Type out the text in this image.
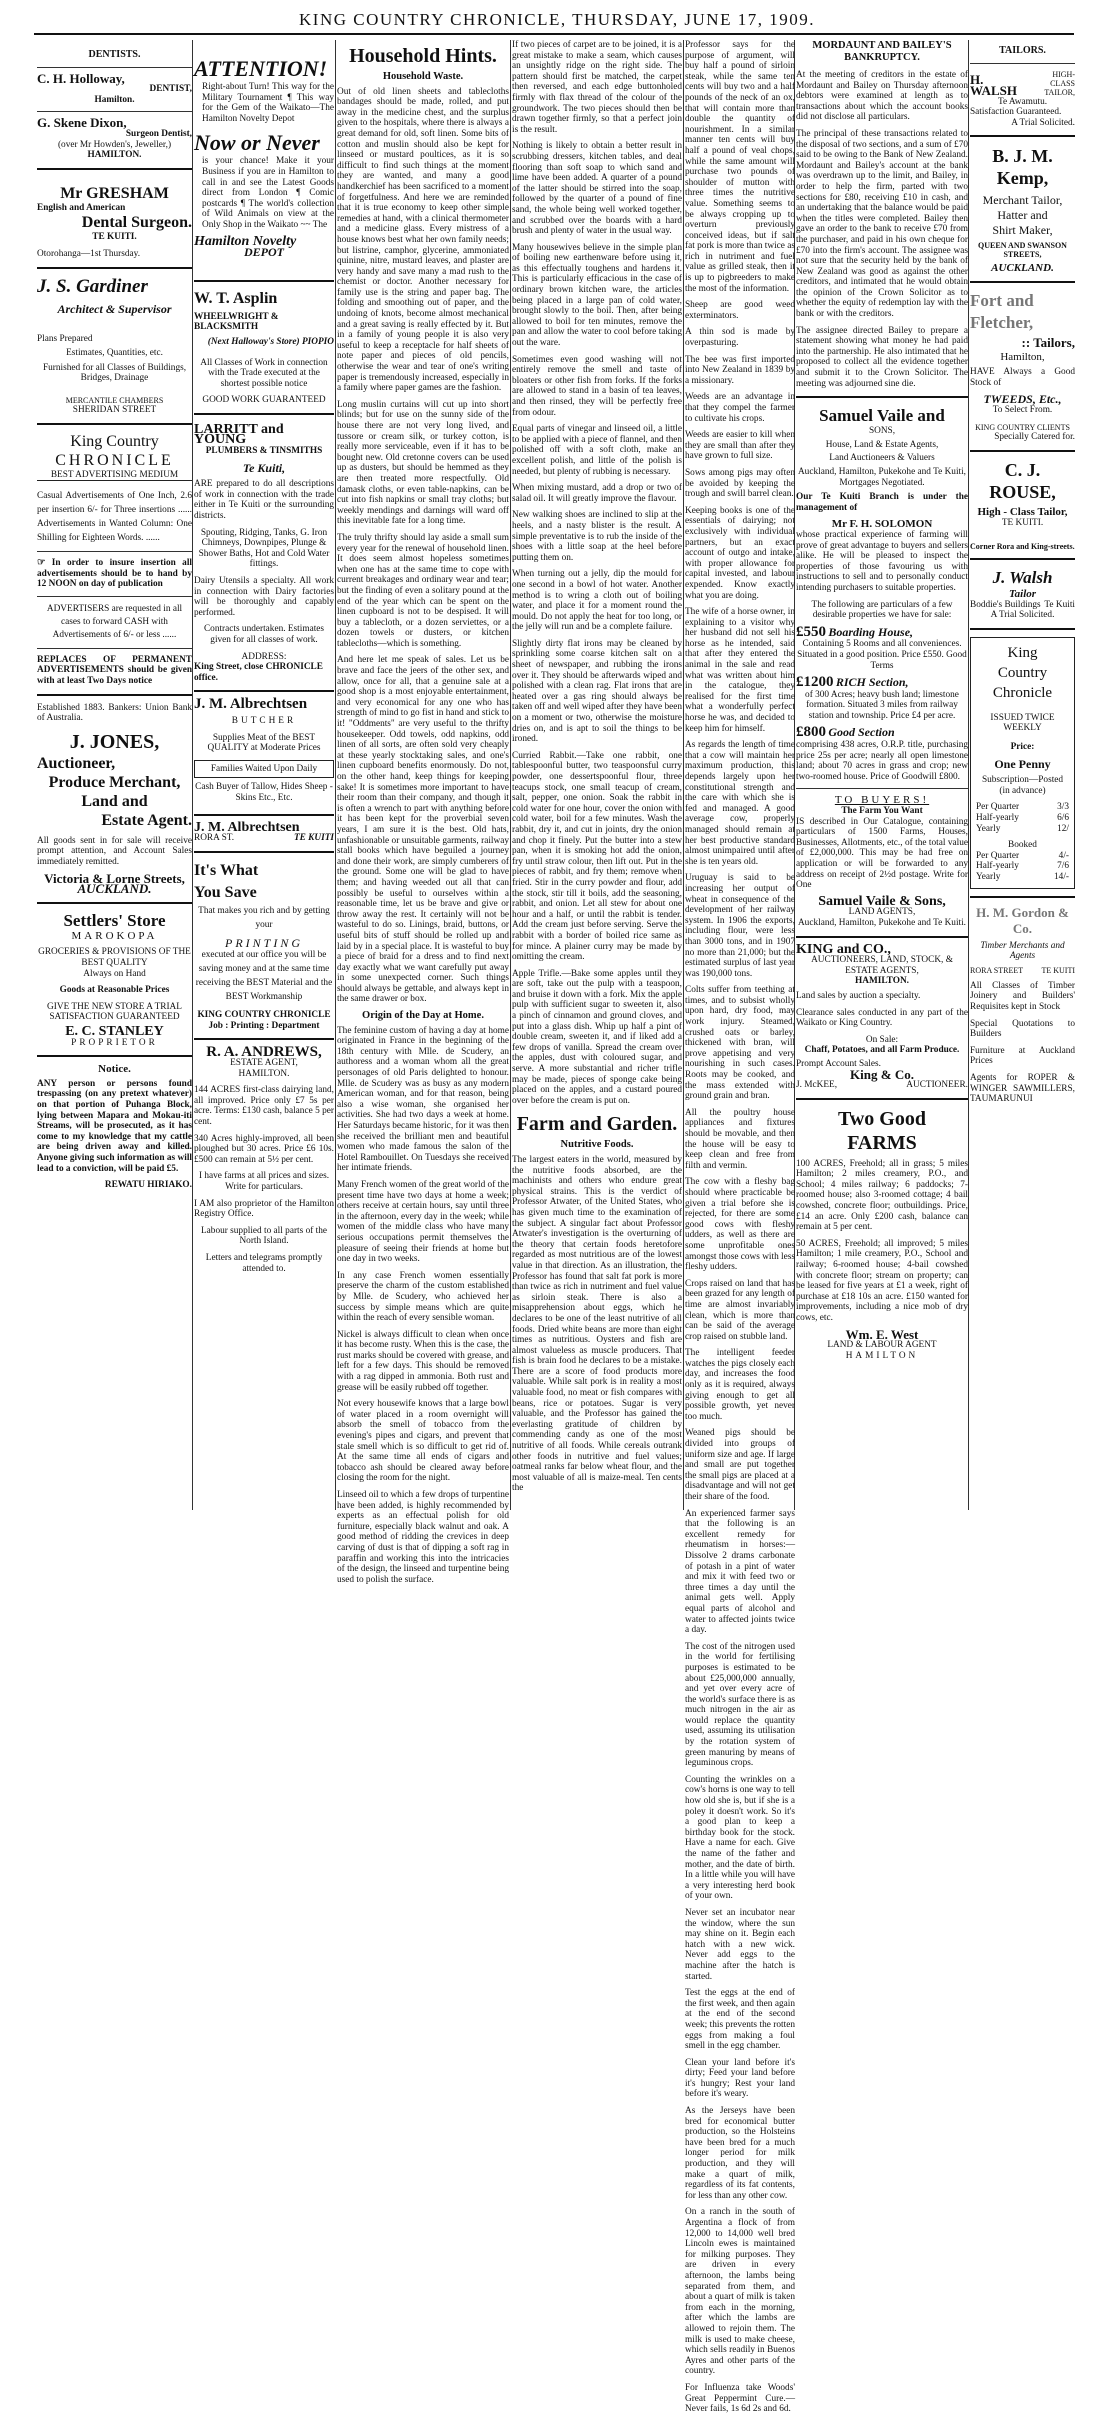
KING COUNTRY CHRONICLE, THURSDAY, JUNE 17, 1909.
DENTISTS.
C. H. Holloway,
DENTIST,
Hamilton.
G. Skene Dixon,
Surgeon Dentist,
(over Mr Howden's, Jeweller,)
HAMILTON.
Mr GRESHAM
English and American
Dental Surgeon.
TE KUITI.
Otorohanga—1st Thursday.
J. S. Gardiner
Architect & Supervisor
Plans Prepared
Estimates, Quantities, etc.
Furnished for all Classes of Buildings, Bridges, Drainage
MERCANTILE CHAMBERS
SHERIDAN STREET
King Country
CHRONICLE
BEST ADVERTISING MEDIUM

Casual Advertisements of One Inch, 2.6 per insertion 6/- for Three insertions ...... Advertisements in Wanted Column: One Shilling for Eighteen Words. ......

☞ In order to insure insertion all advertisements should be to hand by 12 NOON on day of publication

ADVERTISERS are requested in all cases to forward CASH with Advertisements of 6/- or less ......

REPLACES OF PERMANENT ADVERTISEMENTS should be given with at least Two Days notice

Established 1883. Bankers: Union Bank of Australia.

J. JONES,
Auctioneer,
Produce Merchant,
Land and
Estate Agent.

All goods sent in for sale will receive prompt attention, and Account Sales immediately remitted.

Victoria & Lorne Streets,
AUCKLAND.
Settlers' Store
MAROKOPA
GROCERIES & PROVISIONS OF THE BEST QUALITY
Always on Hand
Goods at Reasonable Prices
GIVE THE NEW STORE A TRIAL SATISFACTION GUARANTEED
E. C. STANLEY
PROPRIETOR
Notice.

ANY person or persons found trespassing (on any pretext whatever) on that portion of Puhanga Block, lying between Mapara and Mokau-iti Streams, will be prosecuted, as it has come to my knowledge that my cattle are being driven away and killed. Anyone giving such information as will lead to a conviction, will be paid £5.

REWATU HIRIAKO.
ATTENTION!

Right-about Turn! This way for the Military Tournament ¶ This way for the Gem of the Waikato—The Hamilton Novelty Depot

Now or Never

is your chance! Make it your Business if you are in Hamilton to call in and see the Latest Goods direct from London ¶ Comic postcards ¶ The world's collection of Wild Animals on view at the Only Shop in the Waikato ~~ The

Hamilton Novelty
DEPOT
W. T. Asplin
WHEELWRIGHT & BLACKSMITH
(Next Halloway's Store) PIOPIO

All Classes of Work in connection with the Trade executed at the shortest possible notice

GOOD WORK GUARANTEED
LARRITT and YOUNG
PLUMBERS & TINSMITHS
Te Kuiti,

ARE prepared to do all descriptions of work in connection with the trade either in Te Kuiti or the surrounding districts.

Spouting, Ridging, Tanks, G. Iron Chimneys, Downpipes, Plunge & Shower Baths, Hot and Cold Water fittings.

Dairy Utensils a specialty. All work in connection with Dairy factories will be thoroughly and capably performed.

Contracts undertaken. Estimates given for all classes of work.

ADDRESS:
King Street, close CHRONICLE office.
J. M. Albrechtsen
BUTCHER

Supplies Meat of the BEST QUALITY at Moderate Prices

Families Waited Upon Daily

Cash Buyer of Tallow, Hides Sheep - Skins Etc., Etc.

J. M. Albrechtsen
RORA ST.	TE KUITI
It's What
You Save

That makes you rich and by getting your

PRINTING

executed at our office you will be saving money and at the same time receiving the BEST Material and the BEST Workmanship

KING COUNTRY CHRONICLE
Job : Printing : Department
R. A. ANDREWS,
ESTATE AGENT,
HAMILTON.

144 ACRES first-class dairying land, all improved. Price only £7 5s per acre. Terms: £130 cash, balance 5 per cent.

340 Acres highly-improved, all been ploughed but 30 acres. Price £6 10s. £500 can remain at 5½ per cent.

I have farms at all prices and sizes. Write for particulars.

I AM also proprietor of the Hamilton Registry Office.

Labour supplied to all parts of the North Island.

Letters and telegrams promptly attended to.

Household Hints.
Household Waste.

Out of old linen sheets and tablecloths bandages should be made, rolled, and put away in the medicine chest, and the surplus given to the hospitals, where there is always a great demand for old, soft linen. Some bits of cotton and muslin should also be kept for linseed or mustard poultices, as it is so difficult to find such things at the moment they are wanted, and many a good handkerchief has been sacrificed to a moment of forgetfulness. And here we are reminded that it is true economy to keep other simple remedies at hand, with a clinical thermometer and a medicine glass. Every mistress of a house knows best what her own family needs; but listrine, camphor, glycerine, ammoniated quinine, nitre, mustard leaves, and plaster are very handy and save many a mad rush to the chemist or doctor. Another necessary for family use is the string and paper bag. The folding and smoothing out of paper, and the undoing of knots, become almost mechanical and a great saving is really effected by it. But in a family of young people it is also very useful to keep a receptacle for half sheets of note paper and pieces of old pencils, otherwise the wear and tear of one's writing paper is tremendously increased, especially in a family where paper games are the fashion.

Long muslin curtains will cut up into short blinds; but for use on the sunny side of the house there are not very long lived, and tussore or cream silk, or turkey cotton, is really more serviceable, even if it has to be bought new. Old cretonne covers can be used up as dusters, but should be hemmed as they are then treated more respectfully. Old damask cloths, or even table-napkins, can be cut into fish napkins or small tray cloths; but weekly mendings and darnings will ward off this inevitable fate for a long time.

The truly thrifty should lay aside a small sum every year for the renewal of household linen. It does seem almost hopeless sometimes when one has at the same time to cope with current breakages and ordinary wear and tear; but the finding of even a solitary pound at the end of the year which can be spent on the linen cupboard is not to be despised. It will buy a tablecloth, or a dozen serviettes, or a dozen towels or dusters, or kitchen tablecloths—which is something.

And here let me speak of sales. Let us be brave and face the jeers of the other sex, and allow, once for all, that a genuine sale at a good shop is a most enjoyable entertainment, and very economical for any one who has strength of mind to go fist in hand and stick to it! "Oddments" are very useful to the thrifty housekeeper. Odd towels, odd napkins, odd linen of all sorts, are often sold very cheaply at these yearly stocktaking sales, and one's linen cupboard benefits enormously. Do not, on the other hand, keep things for keeping sake! It is sometimes more important to have their room than their company, and though it is often a wrench to part with anything before it has been kept for the proverbial seven years, I am sure it is the best. Old hats, unfashionable or unsuitable garments, railway stall books which have beguiled a journey and done their work, are simply cumberers of the ground. Some one will be glad to have them; and having weeded out all that can possibly be useful to ourselves within a reasonable time, let us be brave and give or throw away the rest. It certainly will not be wasteful to do so. Linings, braid, buttons, or useful bits of stuff should be rolled up and laid by in a special place. It is wasteful to buy a piece of braid for a dress and to find next day exactly what we want carefully put away in some unexpected corner. Such things should always be gettable, and always kept in the same drawer or box.

Origin of the Day at Home.

The feminine custom of having a day at home originated in France in the beginning of the 18th century with Mlle. de Scudery, an authoress and a woman whom all the great personages of old Paris delighted to honour. Mlle. de Scudery was as busy as any modern American woman, and for that reason, being also a wise woman, she organised her activities. She had two days a week at home. Her Saturdays became historic, for it was then she received the brilliant men and beautiful women who made famous the salon of the Hotel Rambouillet. On Tuesdays she received her intimate friends.

Many French women of the great world of the present time have two days at home a week; others receive at certain hours, say until three in the afternoon, every day in the week; while women of the middle class who have many serious occupations permit themselves the pleasure of seeing their friends at home but one day in two weeks.

In any case French women essentially preserve the charm of the custom established by Mlle. de Scudery, who achieved her success by simple means which are quite within the reach of every sensible woman.

Nickel is always difficult to clean when once it has become rusty. When this is the case, the rust marks should be covered with grease, and left for a few days. This should be removed with a rag dipped in ammonia. Both rust and grease will be easily rubbed off together.

Not every housewife knows that a large bowl of water placed in a room overnight will absorb the smell of tobacco from the evening's pipes and cigars, and prevent that stale smell which is so difficult to get rid of. At the same time all ends of cigars and tobacco ash should be cleared away before closing the room for the night.

Linseed oil to which a few drops of turpentine have been added, is highly recommended by experts as an effectual polish for old furniture, especially black walnut and oak. A good method of ridding the crevices in deep carving of dust is that of dipping a soft rag in paraffin and working this into the intricacies of the design, the linseed and turpentine being used to polish the surface.

If two pieces of carpet are to be joined, it is a great mistake to make a seam, which causes an unsightly ridge on the right side. The pattern should first be matched, the carpet then reversed, and each edge buttonholed firmly with flax thread of the colour of the groundwork. The two pieces should then be drawn together firmly, so that a perfect join is the result.

Nothing is likely to obtain a better result in scrubbing dressers, kitchen tables, and deal flooring than soft soap to which sand and lime have been added. A quarter of a pound of the latter should be stirred into the soap, followed by the quarter of a pound of fine sand, the whole being well worked together, and scrubbed over the boards with a hard brush and plenty of water in the usual way.

Many housewives believe in the simple plan of boiling new earthenware before using it, as this effectually toughens and hardens it. This is particularly efficacious in the case of ordinary brown kitchen ware, the articles being placed in a large pan of cold water, brought slowly to the boil. Then, after being allowed to boil for ten minutes, remove the pan and allow the water to cool before taking out the ware.

Sometimes even good washing will not entirely remove the smell and taste of bloaters or other fish from forks. If the forks are allowed to stand in a basin of tea leaves, and then rinsed, they will be perfectly free from odour.

Equal parts of vinegar and linseed oil, a little to be applied with a piece of flannel, and then polished off with a soft cloth, make an excellent polish, and little of the polish is needed, but plenty of rubbing is necessary.

When mixing mustard, add a drop or two of salad oil. It will greatly improve the flavour.

New walking shoes are inclined to slip at the heels, and a nasty blister is the result. A simple preventative is to rub the inside of the shoes with a little soap at the heel before putting them on.

When turning out a jelly, dip the mould for one second in a bowl of hot water. Another method is to wring a cloth out of boiling water, and place it for a moment round the mould. Do not apply the heat for too long, or the jelly will run and be a complete failure.

Slightly dirty flat irons may be cleaned by sprinkling some coarse kitchen salt on a sheet of newspaper, and rubbing the irons over it. They should be afterwards wiped and polished with a clean rag. Flat irons that are heated over a gas ring should always be taken off and well wiped after they have been on a moment or two, otherwise the moisture dries on, and is apt to soil the things to be ironed.

Curried Rabbit.—Take one rabbit, one tablespoonful butter, two teaspoonsful curry powder, one dessertspoonful flour, three teacups stock, one small teacup of cream, salt, pepper, one onion. Soak the rabbit in cold water for one hour, cover the onion with cold water, boil for a few minutes. Wash the rabbit, dry it, and cut in joints, dry the onion and chop it finely. Put the butter into a stew pan, when it is smoking hot add the onion, fry until straw colour, then lift out. Put in the pieces of rabbit, and fry them; remove when fried. Stir in the curry powder and flour, add the stock, stir till it boils, add the seasoning, rabbit, and onion. Let all stew for about one hour and a half, or until the rabbit is tender. Add the cream just before serving. Serve the rabbit with a border of boiled rice same as for mince. A plainer curry may be made by omitting the cream.

Apple Trifle.—Bake some apples until they are soft, take out the pulp with a teaspoon, and bruise it down with a fork. Mix the apple pulp with sufficient sugar to sweeten it, also a pinch of cinnamon and ground cloves, and put into a glass dish. Whip up half a pint of double cream, sweeten it, and if liked add a few drops of vanilla. Spread the cream over the apples, dust with coloured sugar, and serve. A more substantial and richer trifle may be made, pieces of sponge cake being placed on the apples, and a custard poured over before the cream is put on.

Farm and Garden.
Nutritive Foods.

The largest eaters in the world, measured by the nutritive foods absorbed, are the machinists and others who endure great physical strains. This is the verdict of Professor Atwater, of the United States, who has given much time to the examination of the subject. A singular fact about Professor Atwater's investigation is the overturning of the theory that certain foods heretofore regarded as most nutritious are of the lowest value in that direction. As an illustration, the Professor has found that salt fat pork is more than twice as rich in nutriment and fuel value as sirloin steak. There is also a misapprehension about eggs, which he declares to be one of the least nutritive of all foods. Dried white beans are more than eight times as nutritious. Oysters and fish are almost valueless as muscle producers. That fish is brain food he declares to be a mistake. There are a score of food products more valuable. While salt pork is in reality a most valuable food, no meat or fish compares with beans, rice or potatoes. Sugar is very valuable, and the Professor has gained the everlasting gratitude of children by commending candy as one of the most nutritive of all foods. While cereals outrank other foods in nutritive and fuel values; oatmeal ranks far below wheat flour, and the most valuable of all is maize-meal. Ten cents the

Professor says for the purpose of argument, will buy half a pound of sirloin steak, while the same ten cents will buy two and a half pounds of the neck of an ox, that will contain more than double the quantity of nourishment. In a similar manner ten cents will buy half a pound of veal chops, while the same amount will purchase two pounds of shoulder of mutton with three times the nutritive value. Something seems to be always cropping up to overturn previously conceived ideas, but if salt fat pork is more than twice as rich in nutriment and fuel value as grilled steak, then it is up to pigbreeders to make the most of the information.

Sheep are good weed exterminators.

A thin sod is made by overpasturing.

The bee was first imported into New Zealand in 1839 by a missionary.

Weeds are an advantage in that they compel the farmer to cultivate his crops.

Weeds are easier to kill when they are small than after they have grown to full size.

Sows among pigs may often be avoided by keeping the trough and swill barrel clean.

Keeping books is one of the essentials of dairying; not exclusively with individual partners, but an exact account of outgo and intake, with proper allowance for capital invested, and labour expended. Know exactly what you are doing.

The wife of a horse owner, in explaining to a visitor why her husband did not sell his horse as he intended, said that after they entered the animal in the sale and read what was written about him in the catalogue, they realised for the first time what a wonderfully perfect horse he was, and decided to keep him for himself.

As regards the length of time that a cow will maintain her maximum production, this depends largely upon her constitutional strength and the care with which she is fed and managed. A good average cow, properly managed should remain at her best productive standard almost unimpaired until after she is ten years old.

Uruguay is said to be increasing her output of wheat in consequence of the development of her railway system. In 1906 the exports, including flour, were less than 3000 tons, and in 1907 no more than 21,000; but the estimated surplus of last year was 190,000 tons.

Colts suffer from teething at times, and to subsist wholly upon hard, dry food, may work injury. Steamed, crushed oats or barley, thickened with bran, will prove appetising and very nourishing in such cases. Roots may be cooked, and the mass extended with ground grain and bran.

All the poultry house appliances and fixtures should be movable, and then the house will be easy to keep clean and free from filth and vermin.

The cow with a fleshy bag should where practicable be given a trial before she is rejected, for there are some good cows with fleshy udders, as well as there are some unprofitable ones amongst those cows with less fleshy udders.

Crops raised on land that has been grazed for any length of time are almost invariably clean, which is more than can be said of the average crop raised on stubble land.

The intelligent feeder watches the pigs closely each day, and increases the food only as it is required, always giving enough to get all possible growth, yet never too much.

Weaned pigs should be divided into groups of uniform size and age. If large and small are put together the small pigs are placed at a disadvantage and will not get their share of the food.

An experienced farmer says that the following is an excellent remedy for rheumatism in horses:—Dissolve 2 drams carbonate of potash in a pint of water and mix it with feed two or three times a day until the animal gets well. Apply equal parts of alcohol and water to affected joints twice a day.

The cost of the nitrogen used in the world for fertilising purposes is estimated to be about £25,000,000 annually, and yet over every acre of the world's surface there is as much nitrogen in the air as would replace the quantity used, assuming its utilisation by the rotation system of green manuring by means of leguminous crops.

Counting the wrinkles on a cow's horns is one way to tell how old she is, but if she is a poley it doesn't work. So it's a good plan to keep a birthday book for the stock. Have a name for each. Give the name of the father and mother, and the date of birth. In a little while you will have a very interesting herd book of your own.

Never set an incubator near the window, where the sun may shine on it. Begin each hatch with a new wick. Never add eggs to the machine after the hatch is started.

Test the eggs at the end of the first week, and then again at the end of the second week; this prevents the rotten eggs from making a foul smell in the egg chamber.

Clean your land before it's dirty; Feed your land before it's hungry; Rest your land before it's weary.

As the Jerseys have been bred for economical butter production, so the Holsteins have been bred for a much longer period for milk production, and they will make a quart of milk, regardless of its fat contents, for less than any other cow.

On a ranch in the south of Argentina a flock of from 12,000 to 14,000 well bred Lincoln ewes is maintained for milking purposes. They are driven in every afternoon, the lambs being separated from them, and about a quart of milk is taken from each in the morning, after which the lambs are allowed to rejoin them. The milk is used to make cheese, which sells readily in Buenos Ayres and other parts of the country.

For Influenza take Woods' Great Peppermint Cure.—Never fails, 1s 6d 2s and 6d.

MORDAUNT AND BAILEY'S BANKRUPTCY.

At the meeting of creditors in the estate of Mordaunt and Bailey on Thursday afternoon debtors were examined at length as to transactions about which the account books did not disclose all particulars.

The principal of these transactions related to the disposal of two sections, and a sum of £70 said to be owing to the Bank of New Zealand. Mordaunt and Bailey's account at the bank was overdrawn up to the limit, and Bailey, in order to help the firm, parted with two sections for £80, receiving £10 in cash, and an undertaking that the balance would be paid when the titles were completed. Bailey then gave an order to the bank to receive £70 from the purchaser, and paid in his own cheque for £70 into the firm's account. The assignee was not sure that the security held by the bank of New Zealand was good as against the other creditors, and intimated that he would obtain the opinion of the Crown Solicitor as to whether the equity of redemption lay with the bank or with the creditors.

The assignee directed Bailey to prepare a statement showing what money he had paid into the partnership. He also intimated that he proposed to collect all the evidence together and submit it to the Crown Solicitor. The meeting was adjourned sine die.

Samuel Vaile and
SONS,
House, Land & Estate Agents,
Land Auctioneers & Valuers
Auckland, Hamilton, Pukekohe and Te Kuiti,
Mortgages Negotiated.

Our Te Kuiti Branch is under the management of

Mr F. H. SOLOMON

whose practical experience of farming will prove of great advantage to buyers and sellers alike. He will be pleased to inspect the properties of those favouring us with instructions to sell and to personally conduct intending purchasers to suitable properties.

The following are particulars of a few desirable properties we have for sale:

£550 Boarding House,

Containing 5 Rooms and all conveniences. Situated in a good position. Price £550. Good Terms

£1200 RICH Section,

of 300 Acres; heavy bush land; limestone formation. Situated 3 miles from railway station and township. Price £4 per acre.

£800 Good Section

comprising 438 acres, O.R.P. title, purchasing price 25s per acre; nearly all open limestone land; about 70 acres in grass and crop; new two-roomed house. Price of Goodwill £800.

TO BUYERS!
The Farm You Want

IS described in Our Catalogue, containing particulars of 1500 Farms, Houses, Businesses, Allotments, etc., of the total value of £2,000,000. This may be had free on application or will be forwarded to any address on receipt of 2½d postage. Write for One

Samuel Vaile & Sons,
LAND AGENTS,
Auckland, Hamilton, Pukekohe and Te Kuiti.
KING and CO.,
AUCTIONEERS, LAND, STOCK, & ESTATE AGENTS,
HAMILTON.

Land sales by auction a specialty.

Clearance sales conducted in any part of the Waikato or King Country.

On Sale:
Chaff, Potatoes, and all Farm Produce.
Prompt Account Sales.
King & Co.
J. McKEE,	AUCTIONEER.
Two Good
FARMS

100 ACRES, Freehold; all in grass; 5 miles Hamilton; 2 miles creamery, P.O., and School; 4 miles railway; 6 paddocks; 7-roomed house; also 3-roomed cottage; 4 bail cowshed, concrete floor; outbuildings. Price, £14 an acre. Only £200 cash, balance can remain at 5 per cent.

50 ACRES, Freehold; all improved; 5 miles Hamilton; 1 mile creamery, P.O., School and railway; 6-roomed house; 4-bail cowshed with concrete floor; stream on property; can be leased for five years at £1 a week, right of purchase at £18 10s an acre. £150 wanted for improvements, including a nice mob of dry cows, etc.

Wm. E. West
LAND & LABOUR AGENT
HAMILTON
TAILORS.
H. WALSH
HIGH-CLASS TAILOR,
Te Awamutu.
Satisfaction Guaranteed.
A Trial Solicited.
B. J. M. Kemp,
Merchant Tailor,
Hatter and
Shirt Maker,
QUEEN AND SWANSON STREETS,
AUCKLAND.
Fort and
Fletcher,
:: Tailors,
Hamilton,

HAVE Always a Good Stock of

TWEEDS, Etc.,
To Select From.
KING COUNTRY CLIENTS
Specially Catered for.
C. J. ROUSE,
High - Class Tailor,
TE KUITI.
Corner Rora and King-streets.
J. Walsh
Tailor
Boddie's Buildings Te Kuiti
A Trial Solicited.
King
Country
Chronicle
ISSUED TWICE WEEKLY
Price:
One Penny
Subscription—Posted
(in advance)
Per Quarter	3/3
Half-yearly	6/6
Yearly	12/
Booked
Per Quarter	4/-
Half-yearly	7/6
Yearly	14/-
H. M. Gordon & Co.
Timber Merchants and Agents
RORA STREET TE KUITI

All Classes of Timber Joinery and Builders' Requisites kept in Stock

Special Quotations to Builders

Furniture at Auckland Prices

Agents for ROPER & WINGER SAWMILLERS, TAUMARUNUI
